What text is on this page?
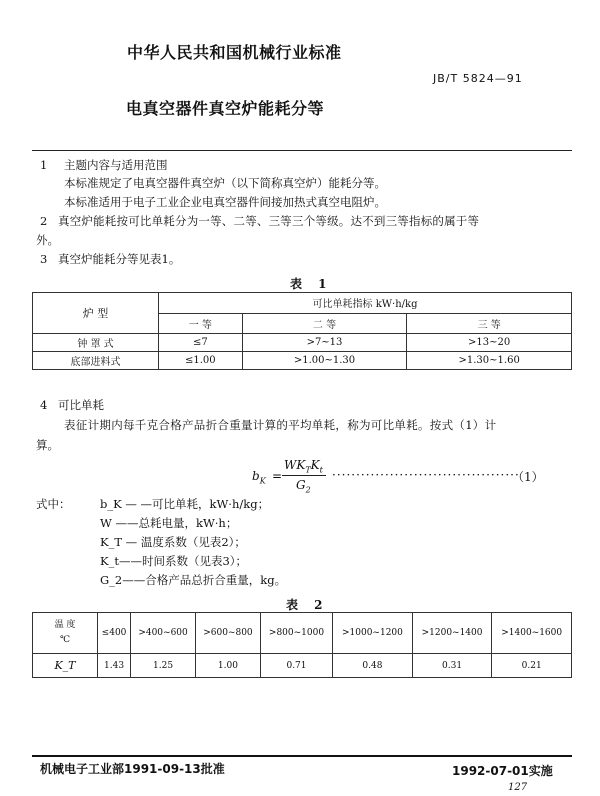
中华人民共和国机械行业标准
JB/T 5824—91
电真空器件真空炉能耗分等
1 主题内容与适用范围
本标准规定了电真空器件真空炉（以下简称真空炉）能耗分等。
本标准适用于电子工业企业电真空器件间接加热式真空电阻炉。
2 真空炉能耗按可比单耗分为一等、二等、三等三个等级。达不到三等指标的属于等
外。
3 真空炉能耗分等见表1。
表 1
炉 型	可比单耗指标 kW·h/kg		
	一 等	二 等	三 等
钟 罩 式	≤7	>7~13	>13~20
底部进料式	≤1.00	>1.00~1.30	>1.30~1.60
4 可比单耗
表征计期内每千克合格产品折合重量计算的平均单耗，称为可比单耗。按式（1）计
算。
$b_K$ =
$WK_TK_t$
$G_2$
·······································
（1）
式中：	b_K — —可比单耗，kW·h/kg；
W ——总耗电量，kW·h；
K_T — 温度系数（见表2）；
K_t——时间系数（见表3）；
G_2——合格产品总折合重量，kg。
表 2
温 度
℃	≤400	>400~600	>600~800	>800~1000	>1000~1200	>1200~1400	>1400~1600
K_T	1.43	1.25	1.00	0.71	0.48	0.31	0.21
机械电子工业部1991-09-13批准	1992-07-01实施
127
